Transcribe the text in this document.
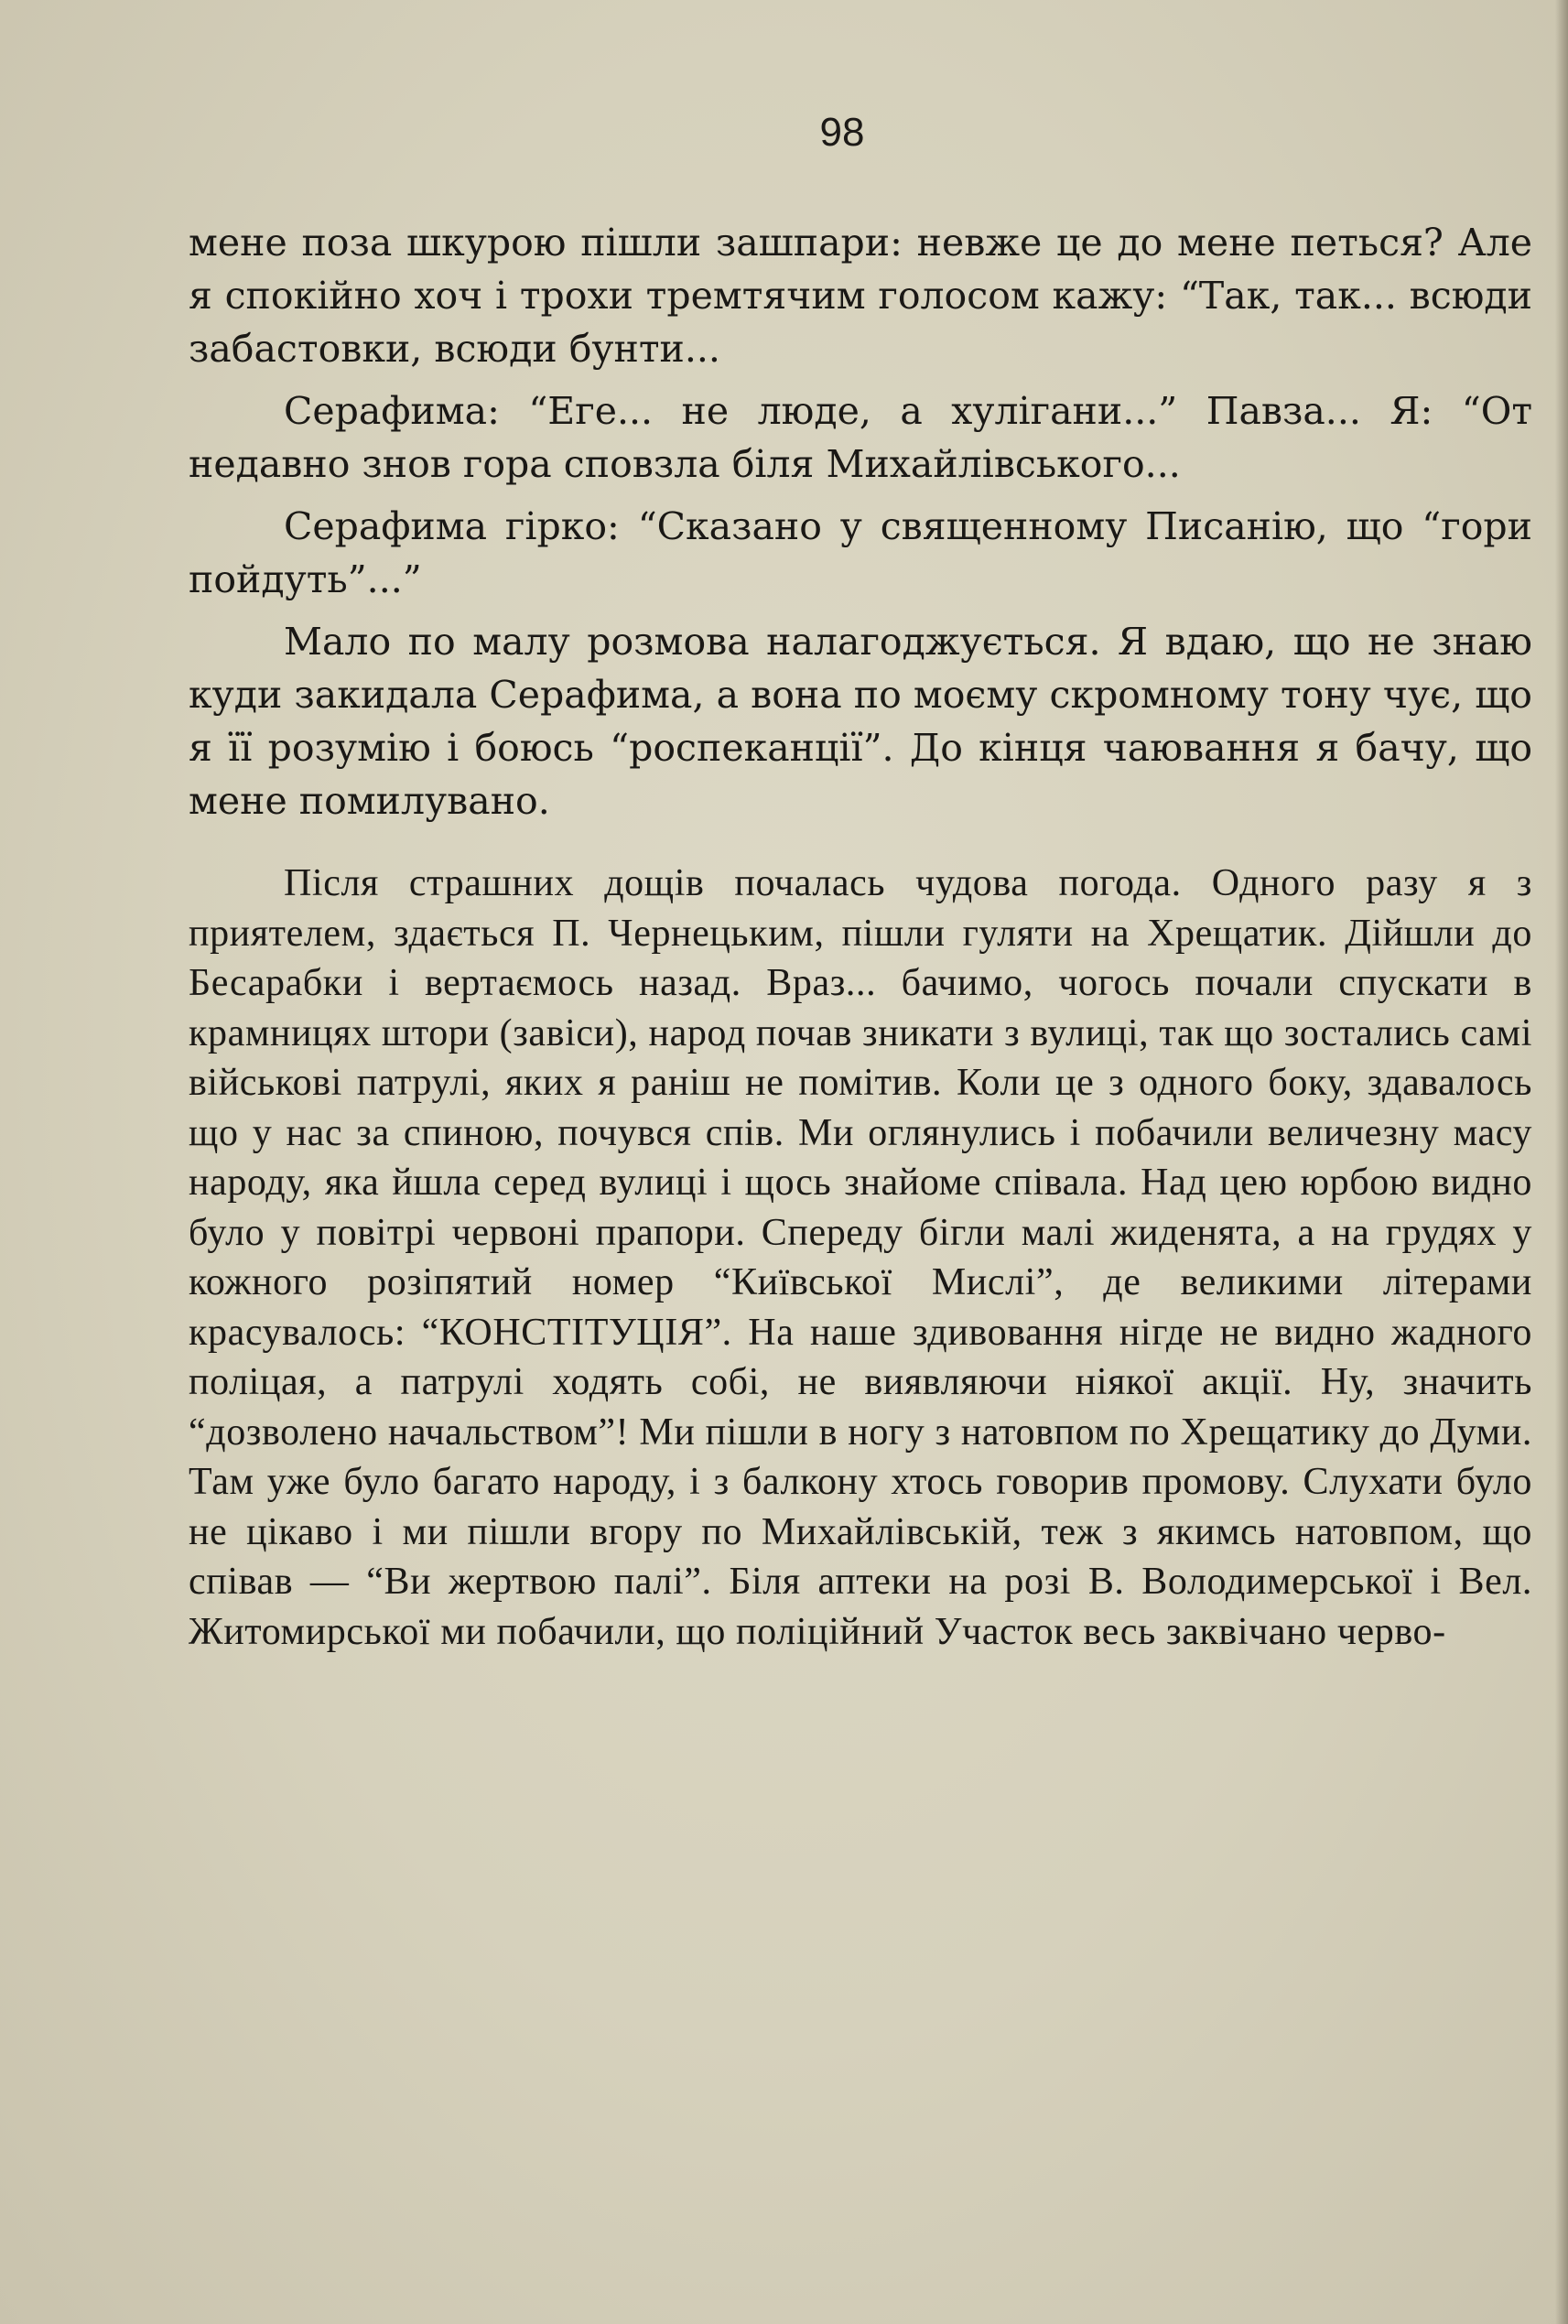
98

мене поза шкурою пішли зашпари: невже це до мене петься? Але я спокійно хоч і трохи тремтячим голосом кажу: “Так, так... всюди забастовки, всюди бунти...

Серафима: “Еге... не люде, а хулігани...” Павза... Я: “От недавно знов гора сповзла біля Михайлівського...

Серафима гірко: “Сказано у священному Писанію, що “гори пойдуть”...”

Мало по малу розмова налагоджується. Я вдаю, що не знаю куди закидала Серафима, а вона по моєму скромному тону чує, що я її розумію і боюсь “роспеканції”. До кінця чаювання я бачу, що мене помилувано.

Після страшних дощів почалась чудова погода. Одного разу я з приятелем, здається П. Чернецьким, пішли гуляти на Хрещатик. Дійшли до Бесарабки і вертаємось назад. Враз... бачимо, чогось почали спускати в крамницях штори (завіси), народ почав зникати з вулиці, так що зостались самі військові патрулі, яких я раніш не помітив. Коли це з одного боку, здавалось що у нас за спиною, почувся спів. Ми оглянулись і побачили величезну масу народу, яка йшла серед вулиці і щось знайоме співала. Над цею юрбою видно було у повітрі червоні прапори. Спереду бігли малі жиденята, а на грудях у кожного розіпятий номер “Київської Мислі”, де великими літерами красувалось: “КОНСТІТУЦІЯ”. На наше здивовання нігде не видно жадного поліцая, а патрулі ходять собі, не виявляючи ніякої акції. Ну, значить “дозволено начальством”! Ми пішли в ногу з натовпом по Хрещатику до Думи. Там уже було багато народу, і з балкону хтось говорив промову. Слухати було не цікаво і ми пішли вгору по Михайлівській, теж з якимсь натовпом, що співав — “Ви жертвою палі”. Біля аптеки на розі В. Володимерської і Вел. Житомирської ми побачили, що поліційний Участок весь заквічано черво-
